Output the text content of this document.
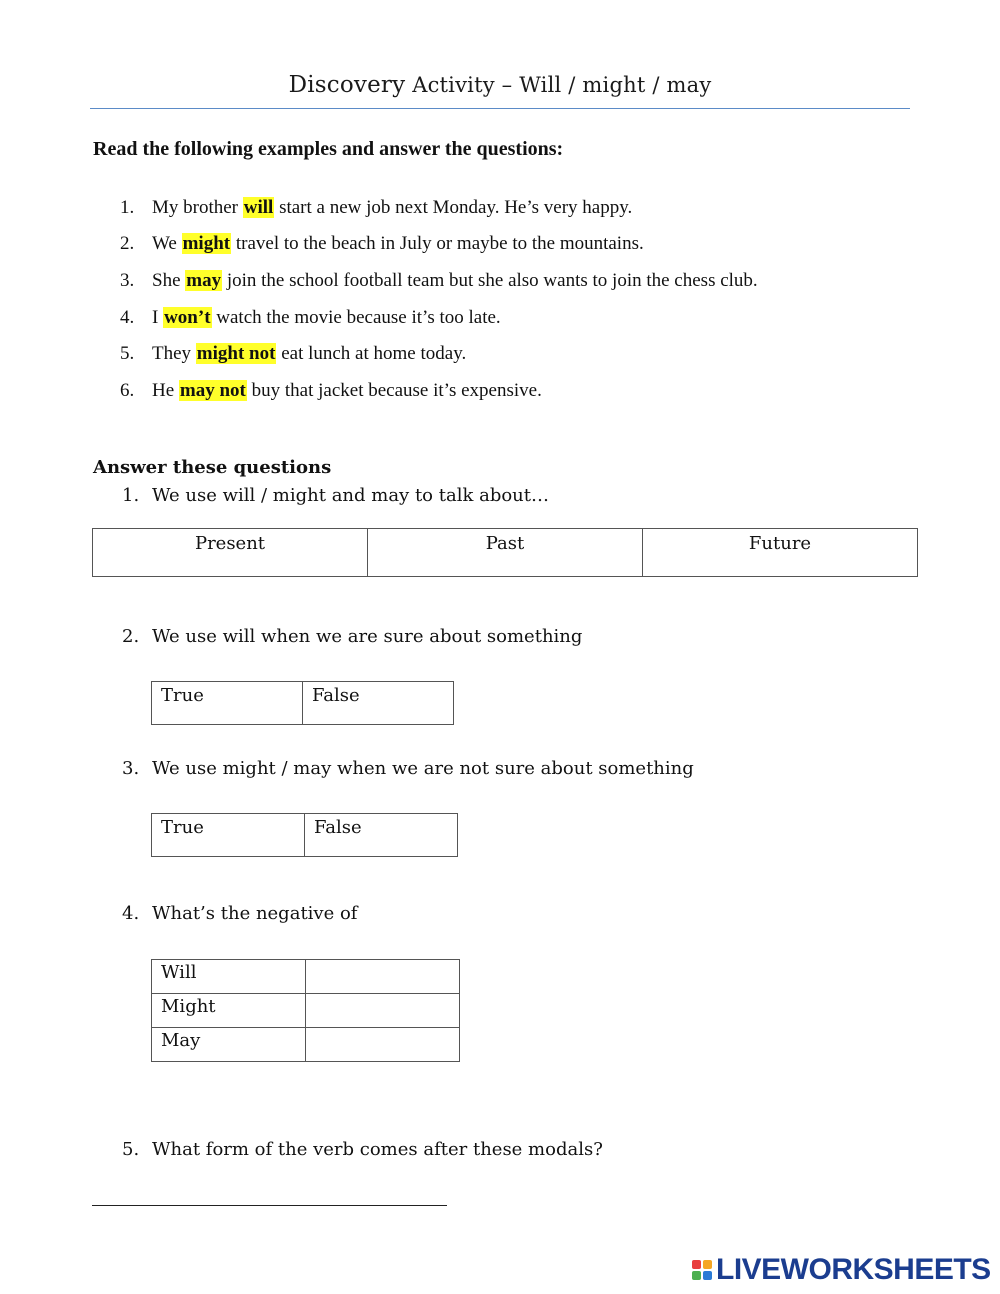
Discovery Activity – Will / might / may
Read the following examples and answer the questions:
1. My brother will start a new job next Monday. He’s very happy.
2. We might travel to the beach in July or maybe to the mountains.
3. She may join the school football team but she also wants to join the chess club.
4. I won’t watch the movie because it’s too late.
5. They might not eat lunch at home today.
6. He may not buy that jacket because it’s expensive.
Answer these questions
1. We use will / might and may to talk about…
Present	Past	Future
2. We use will when we are sure about something
True	False
3. We use might / may when we are not sure about something
True	False
4. What’s the negative of
Will	
Might	
May	
5. What form of the verb comes after these modals?
LIVEWORKSHEETS
